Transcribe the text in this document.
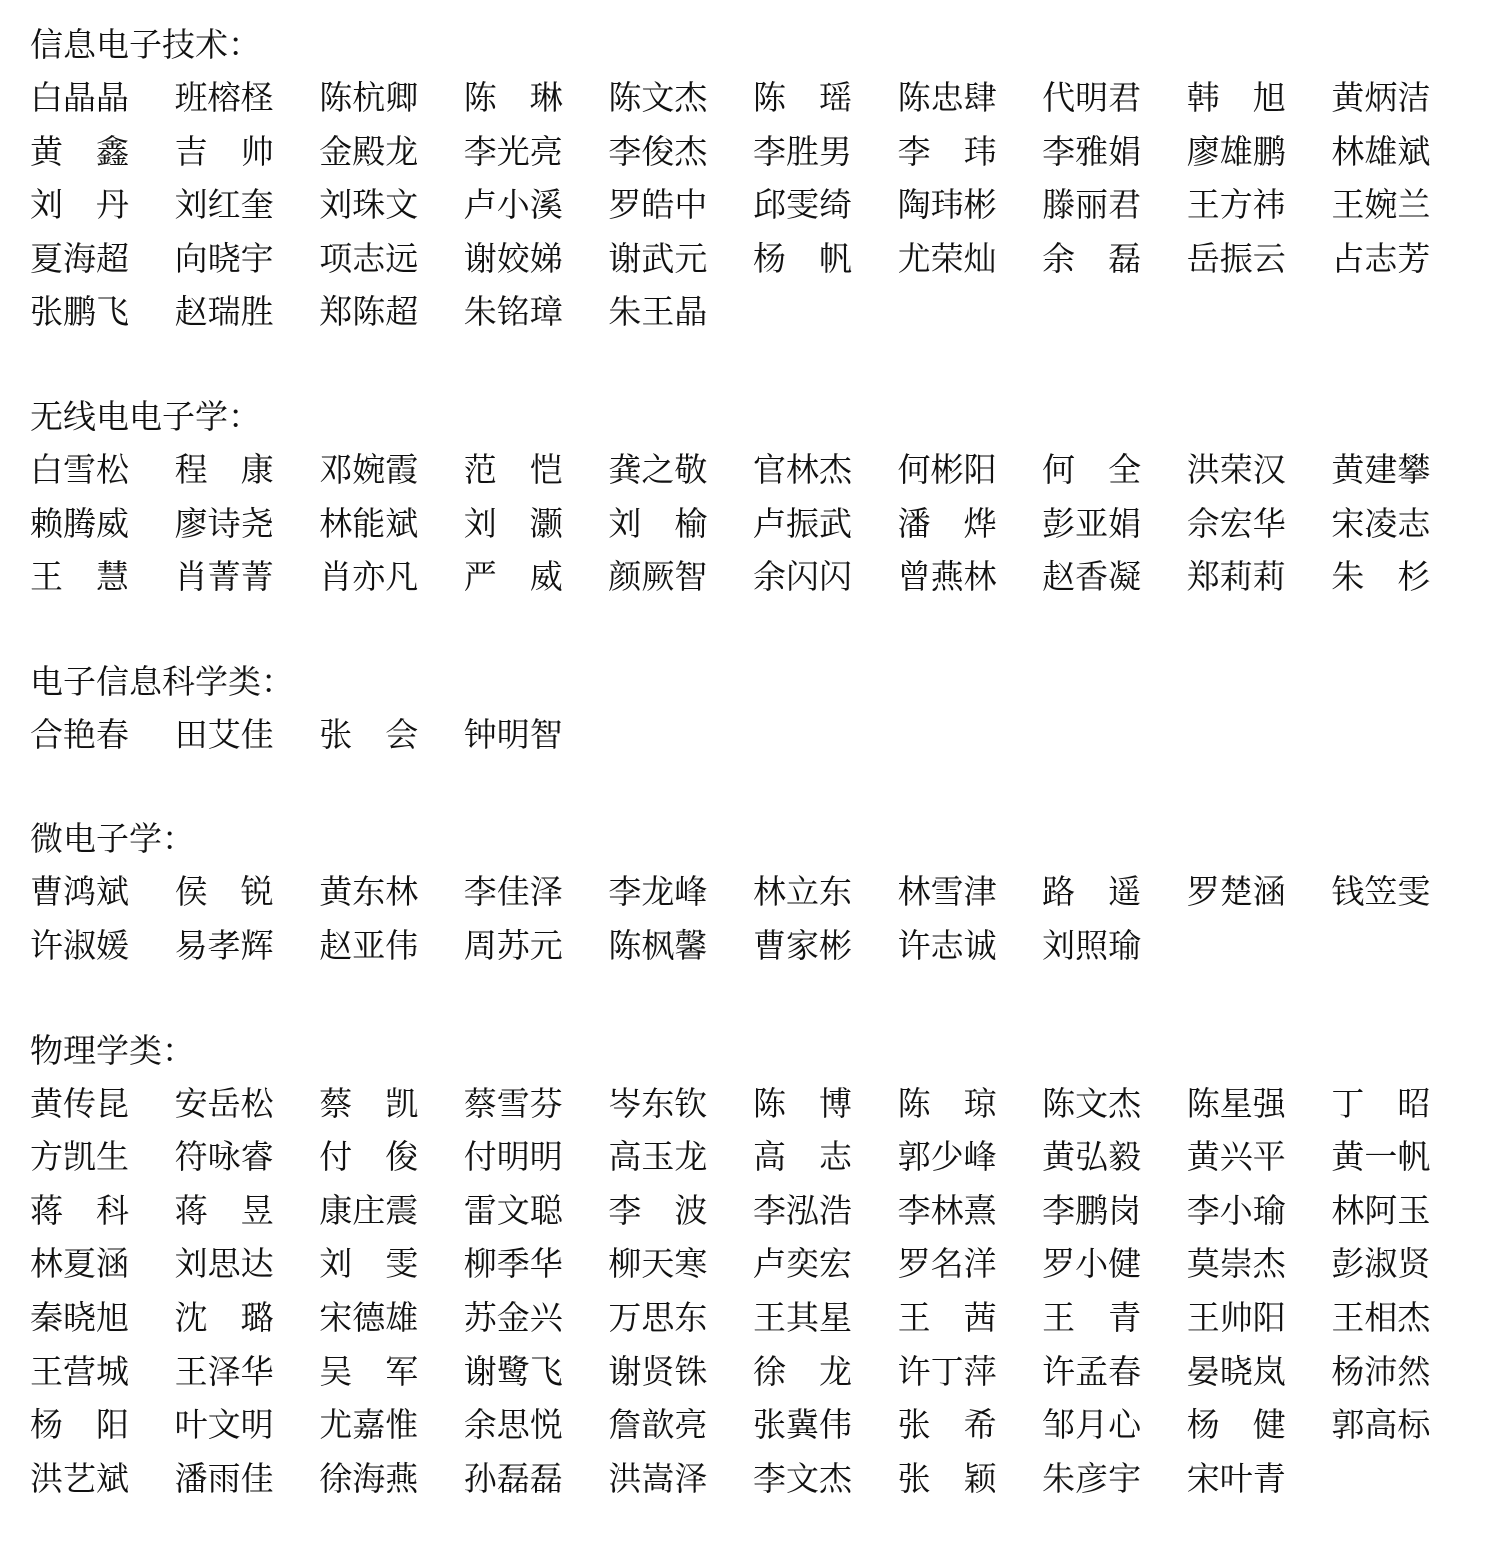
信息电子技术：
白晶晶	班榕柽	陈杭卿	陈　琳	陈文杰	陈　瑶	陈忠肆	代明君	韩　旭	黄炳洁
黄　鑫	吉　帅	金殿龙	李光亮	李俊杰	李胜男	李　玮	李雅娟	廖雄鹏	林雄斌
刘　丹	刘红奎	刘珠文	卢小溪	罗皓中	邱雯绮	陶玮彬	滕丽君	王方祎	王婉兰
夏海超	向晓宇	项志远	谢姣娣	谢武元	杨　帆	尤荣灿	余　磊	岳振云	占志芳
张鹏飞	赵瑞胜	郑陈超	朱铭璋	朱王晶
无线电电子学：
白雪松	程　康	邓婉霞	范　恺	龚之敬	官林杰	何彬阳	何　全	洪荣汉	黄建攀
赖腾威	廖诗尧	林能斌	刘　灏	刘　榆	卢振武	潘　烨	彭亚娟	佘宏华	宋凌志
王　慧	肖菁菁	肖亦凡	严　威	颜厥智	余闪闪	曾燕林	赵香凝	郑莉莉	朱　杉
电子信息科学类：
合艳春	田艾佳	张　会	钟明智
微电子学：
曹鸿斌	侯　锐	黄东林	李佳泽	李龙峰	林立东	林雪津	路　遥	罗楚涵	钱笠雯
许淑媛	易孝辉	赵亚伟	周苏元	陈枫馨	曹家彬	许志诚	刘照瑜
物理学类：
黄传昆	安岳松	蔡　凯	蔡雪芬	岑东钦	陈　博	陈　琼	陈文杰	陈星强	丁　昭
方凯生	符咏睿	付　俊	付明明	高玉龙	高　志	郭少峰	黄弘毅	黄兴平	黄一帆
蒋　科	蒋　昱	康庄震	雷文聪	李　波	李泓浩	李林熹	李鹏岗	李小瑜	林阿玉
林夏涵	刘思达	刘　雯	柳季华	柳天寒	卢奕宏	罗名洋	罗小健	莫崇杰	彭淑贤
秦晓旭	沈　璐	宋德雄	苏金兴	万思东	王其星	王　茜	王　青	王帅阳	王相杰
王营城	王泽华	吴　军	谢鹭飞	谢贤铢	徐　龙	许丁萍	许孟春	晏晓岚	杨沛然
杨　阳	叶文明	尤嘉惟	余思悦	詹歆亮	张冀伟	张　希	邹月心	杨　健	郭高标
洪艺斌	潘雨佳	徐海燕	孙磊磊	洪嵩泽	李文杰	张　颖	朱彦宇	宋叶青
